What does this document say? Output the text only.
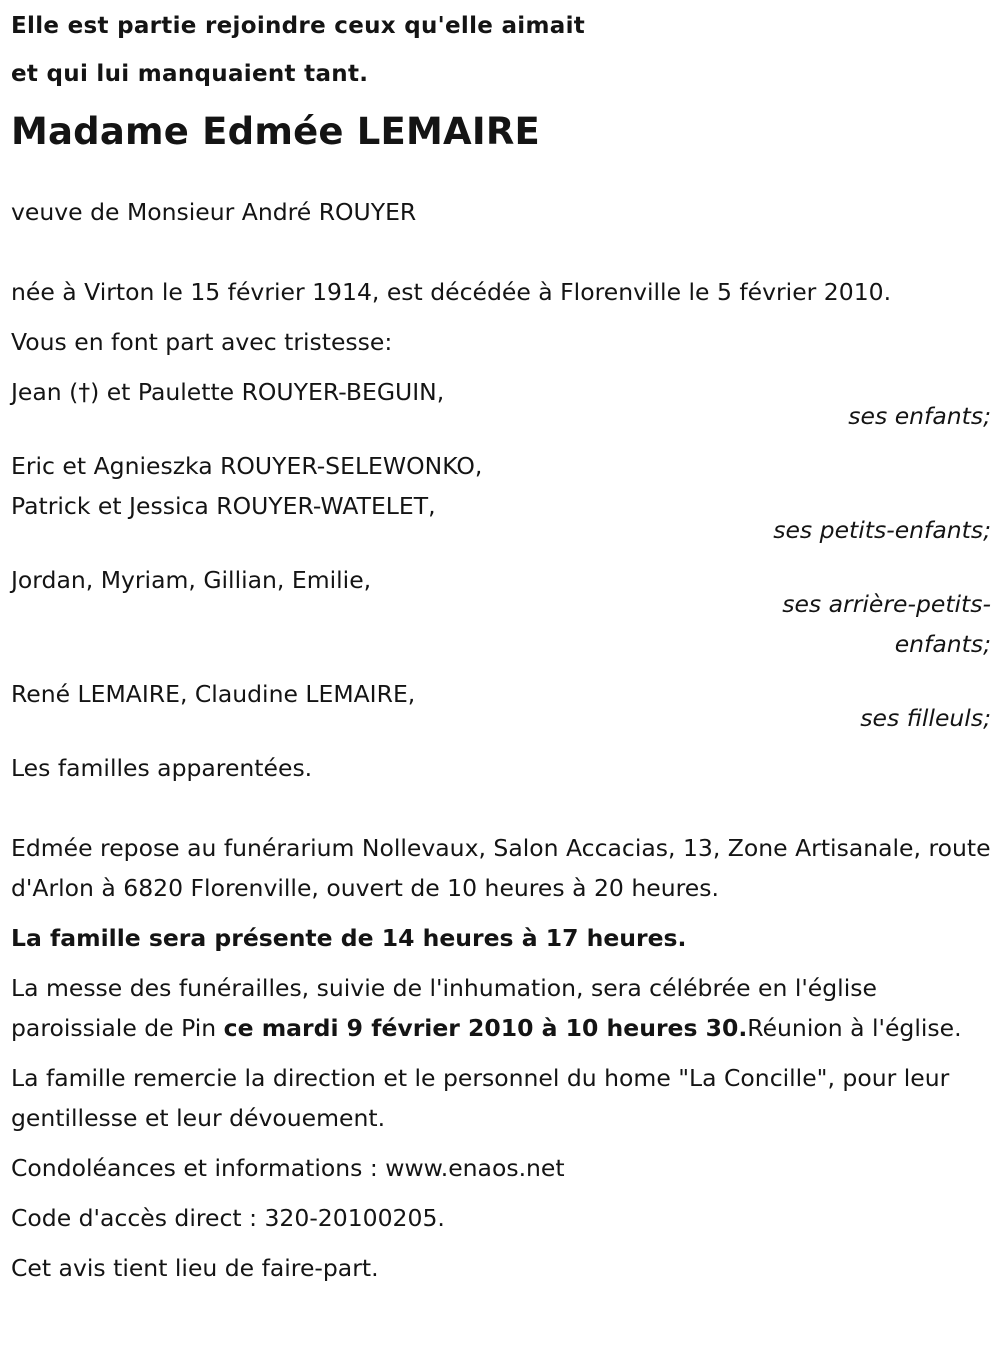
Elle est partie rejoindre ceux qu'elle aimait
et qui lui manquaient tant.
Madame Edmée LEMAIRE

veuve de Monsieur André ROUYER

née à Virton le 15 février 1914, est décédée à Florenville le 5 février 2010.

Vous en font part avec tristesse:

Jean (†) et Paulette ROUYER-BEGUIN,

ses enfants;

Eric et Agnieszka ROUYER-SELEWONKO,

Patrick et Jessica ROUYER-WATELET,

ses petits-enfants;

Jordan, Myriam, Gillian, Emilie,

ses arrière-petits-enfants;

René LEMAIRE, Claudine LEMAIRE,

ses filleuls;

Les familles apparentées.

Edmée repose au funérarium Nollevaux, Salon Accacias, 13, Zone Artisanale, route d'Arlon à 6820 Florenville, ouvert de 10 heures à 20 heures.

La famille sera présente de 14 heures à 17 heures.

La messe des funérailles, suivie de l'inhumation, sera célébrée en l'église paroissiale de Pin ce mardi 9 février 2010 à 10 heures 30.Réunion à l'église.

La famille remercie la direction et le personnel du home "La Concille", pour leur gentillesse et leur dévouement.

Condoléances et informations : www.enaos.net

Code d'accès direct : 320-20100205.

Cet avis tient lieu de faire-part.
